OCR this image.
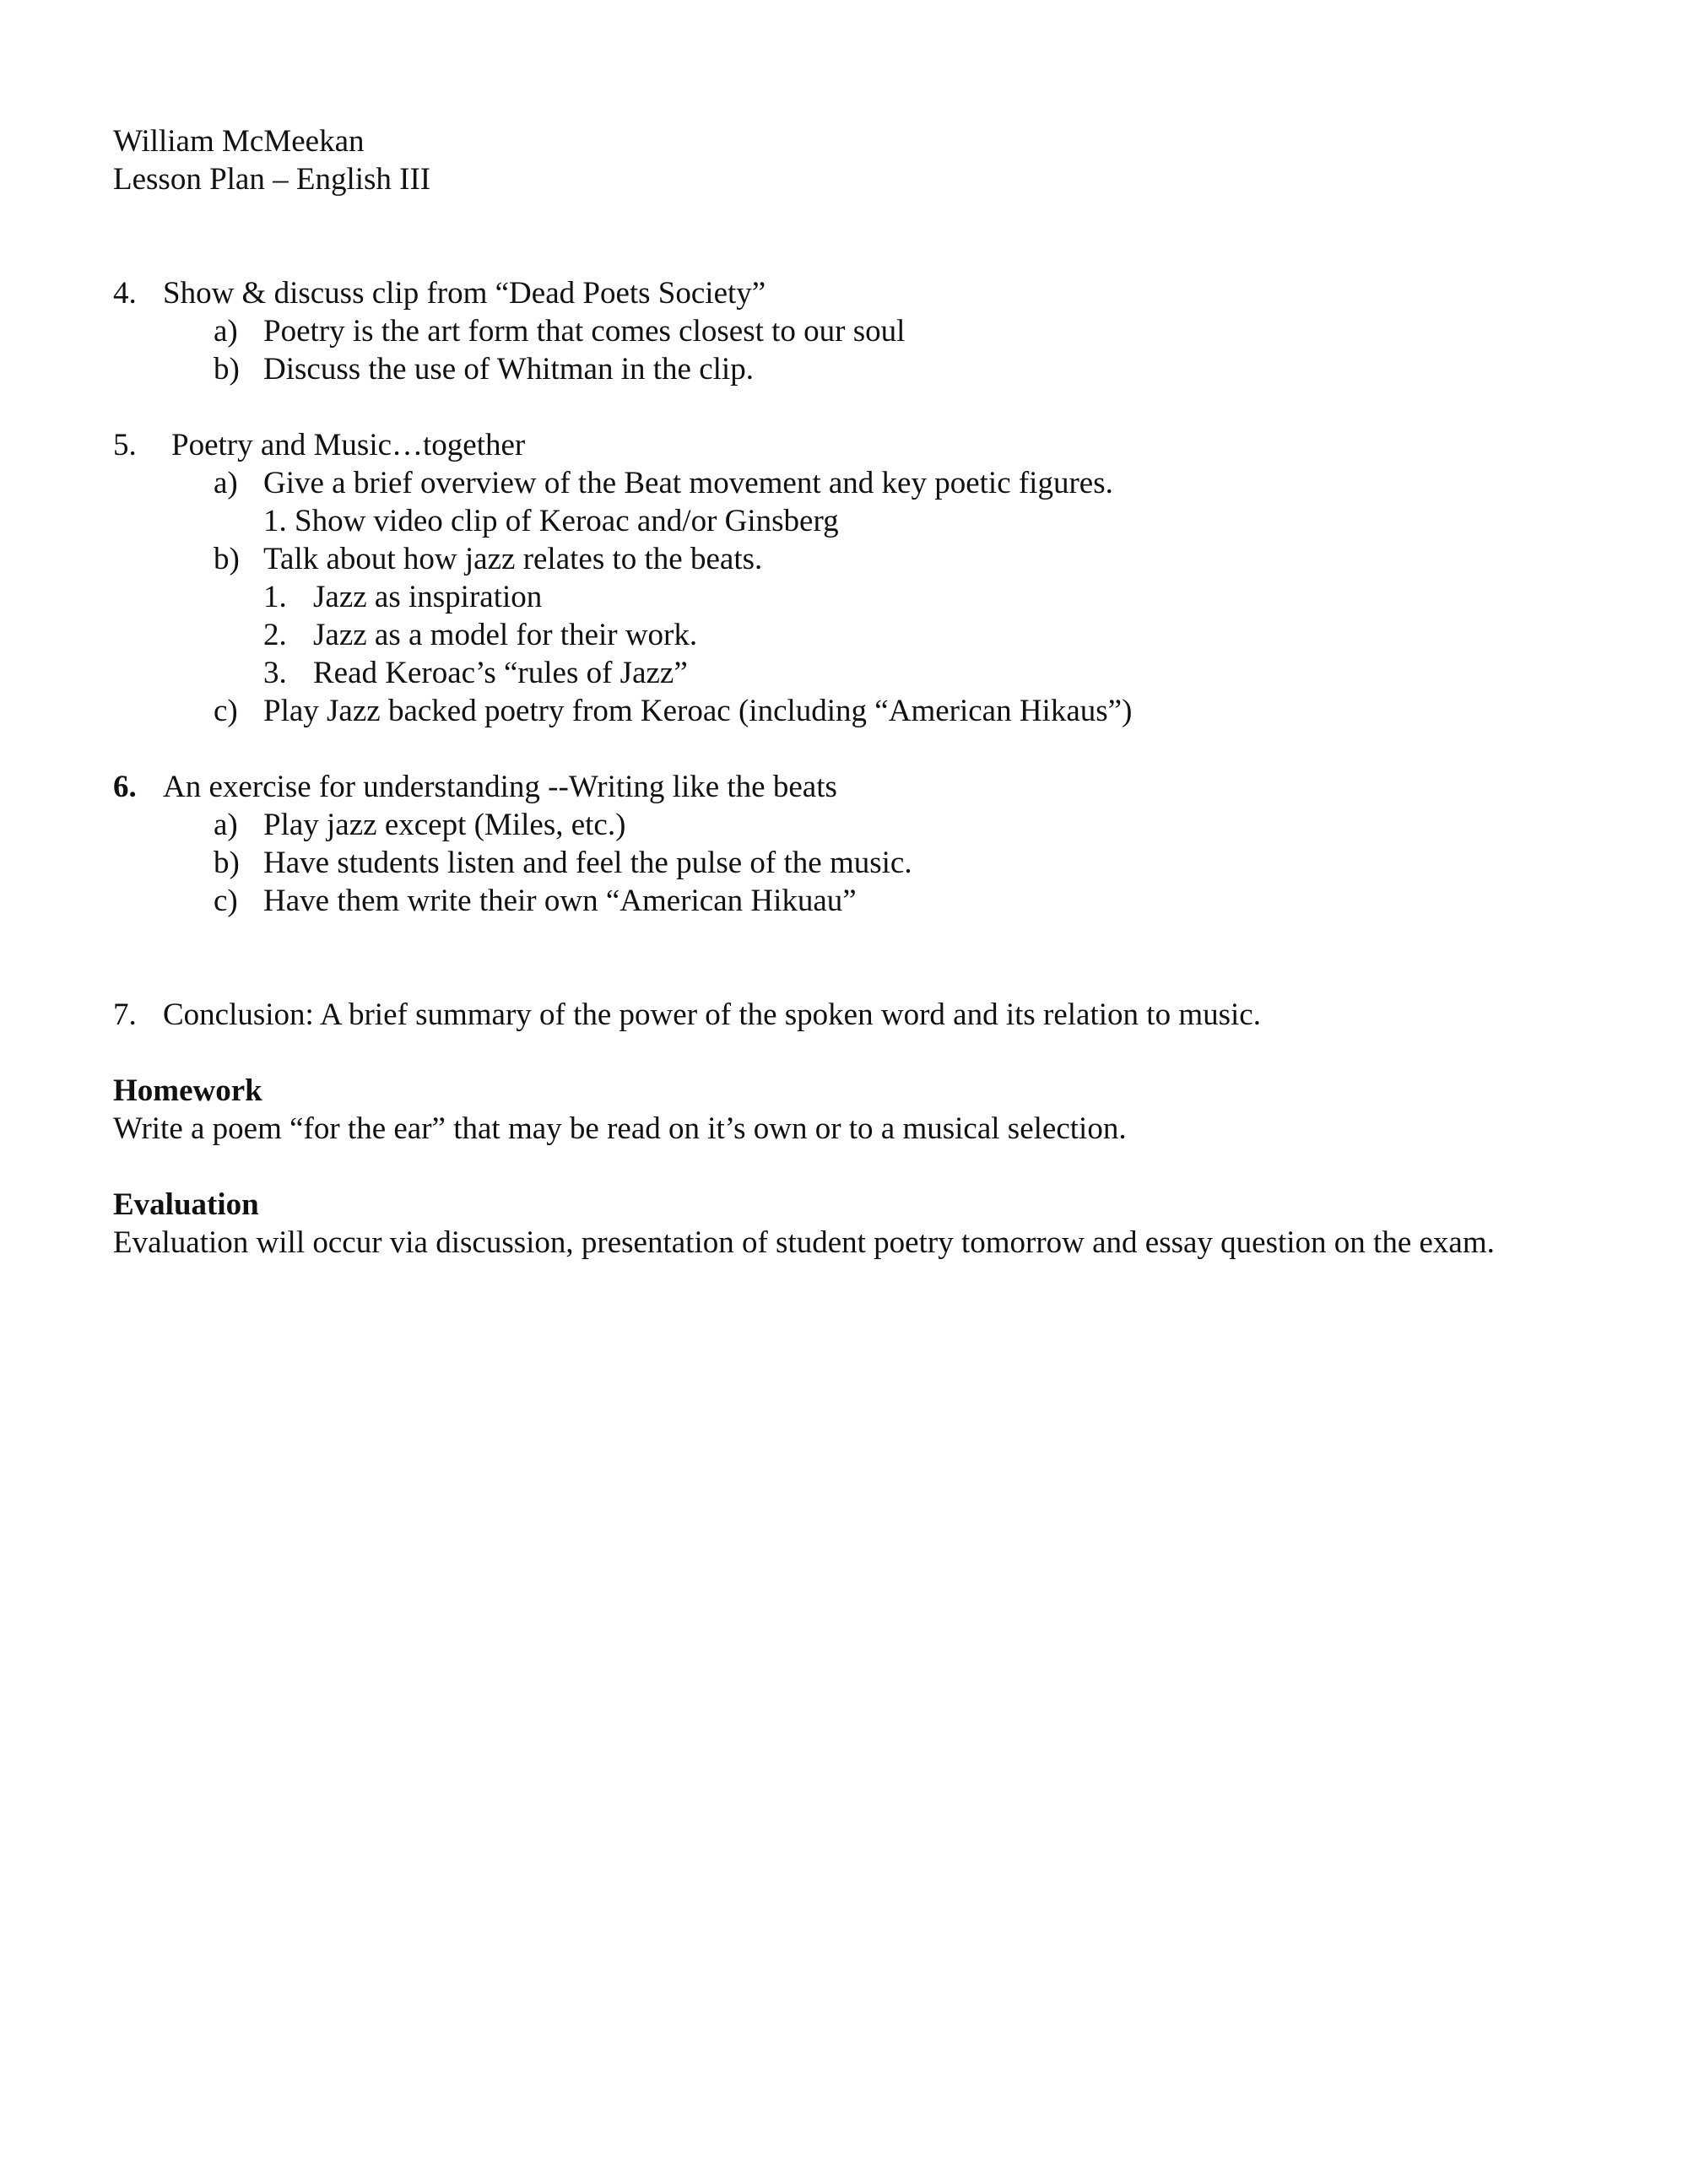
William McMeekan
Lesson Plan – English III
4. Show & discuss clip from “Dead Poets Society”
a) Poetry is the art form that comes closest to our soul
b) Discuss the use of Whitman in the clip.
5. Poetry and Music…together
a) Give a brief overview of the Beat movement and key poetic figures.
1. Show video clip of Keroac and/or Ginsberg
b) Talk about how jazz relates to the beats.
1. Jazz as inspiration
2. Jazz as a model for their work.
3. Read Keroac’s “rules of Jazz”
c) Play Jazz backed poetry from Keroac (including “American Hikaus”)
6. An exercise for understanding --Writing like the beats
a) Play jazz except (Miles, etc.)
b) Have students listen and feel the pulse of the music.
c) Have them write their own “American Hikuau”
7. Conclusion: A brief summary of the power of the spoken word and its relation to music.
Homework
Write a poem “for the ear” that may be read on it’s own or to a musical selection.
Evaluation
Evaluation will occur via discussion, presentation of student poetry tomorrow and essay question on the exam.
